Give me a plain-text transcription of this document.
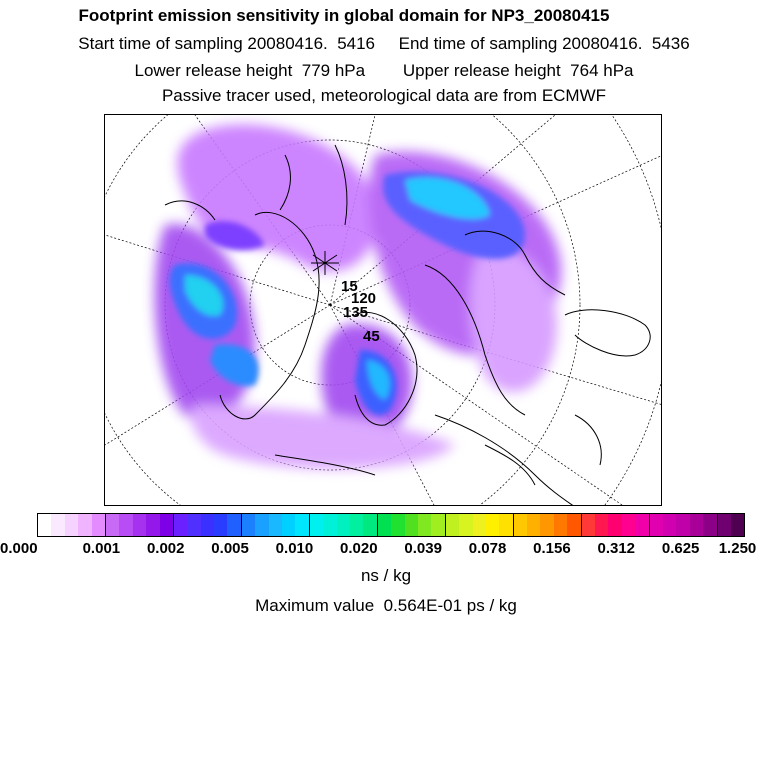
Footprint emission sensitivity in global domain for NP3_20080415
Start time of sampling 20080416.  5416     End time of sampling 20080416.  5436
Lower release height  779 hPa        Upper release height  764 hPa
Passive tracer used, meteorological data are from ECMWF
15
120
135
45
0.000	0.001 0.002 0.005 0.010 0.020 0.039 0.078 0.156 0.312 0.625 1.250
ns / kg
Maximum value  0.564E-01 ps / kg
